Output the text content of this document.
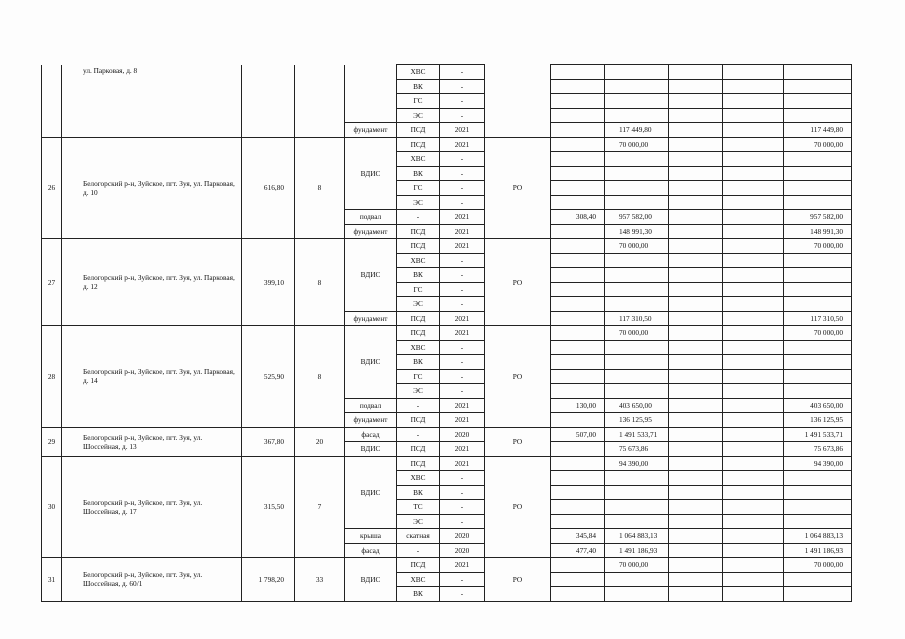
	ул. Парковая, д. 8				ХВС	-						
					ВК	-						
					ГС	-						
					ЭС	-						
				фундамент	ПСД	2021			117 449,80			117 449,80
26	Белогорский р-н, Зуйское, пгт. Зуя, ул. Парковая, д. 10	616,80	8	ВДИС	ПСД	2021	РО		70 000,00			70 000,00
					ХВС	-						
					ВК	-						
					ГС	-						
					ЭС	-						
				подвал	-	2021		308,40	957 582,00			957 582,00
				фундамент	ПСД	2021			148 991,30			148 991,30
27	Белогорский р-н, Зуйское, пгт. Зуя, ул. Парковая, д. 12	399,10	8	ВДИС	ПСД	2021	РО		70 000,00			70 000,00
					ХВС	-						
					ВК	-						
					ГС	-						
					ЭС	-						
				фундамент	ПСД	2021			117 310,50			117 310,50
28	Белогорский р-н, Зуйское, пгт. Зуя, ул. Парковая, д. 14	525,90	8	ВДИС	ПСД	2021	РО		70 000,00			70 000,00
					ХВС	-						
					ВК	-						
					ГС	-						
					ЭС	-						
				подвал	-	2021		130,00	403 650,00			403 650,00
				фундамент	ПСД	2021			136 125,95			136 125,95
29	Белогорский р-н, Зуйское, пгт. Зуя, ул. Шоссейная, д. 13	367,80	20	фасад	-	2020	РО	507,00	1 491 533,71			1 491 533,71
				ВДИС	ПСД	2021			75 673,86			75 673,86
30	Белогорский р-н, Зуйское, пгт. Зуя, ул. Шоссейная, д. 17	315,50	7	ВДИС	ПСД	2021	РО		94 390,00			94 390,00
					ХВС	-						
					ВК	-						
					ТС	-						
					ЭС	-						
				крыша	скатная	2020		345,84	1 064 883,13			1 064 883,13
				фасад	-	2020		477,40	1 491 186,93			1 491 186,93
31	Белогорский р-н, Зуйское, пгт. Зуя, ул. Шоссейная, д. 60/1	1 798,20	33	ВДИС	ПСД	2021	РО		70 000,00			70 000,00
					ХВС	-						
					ВК	-						
